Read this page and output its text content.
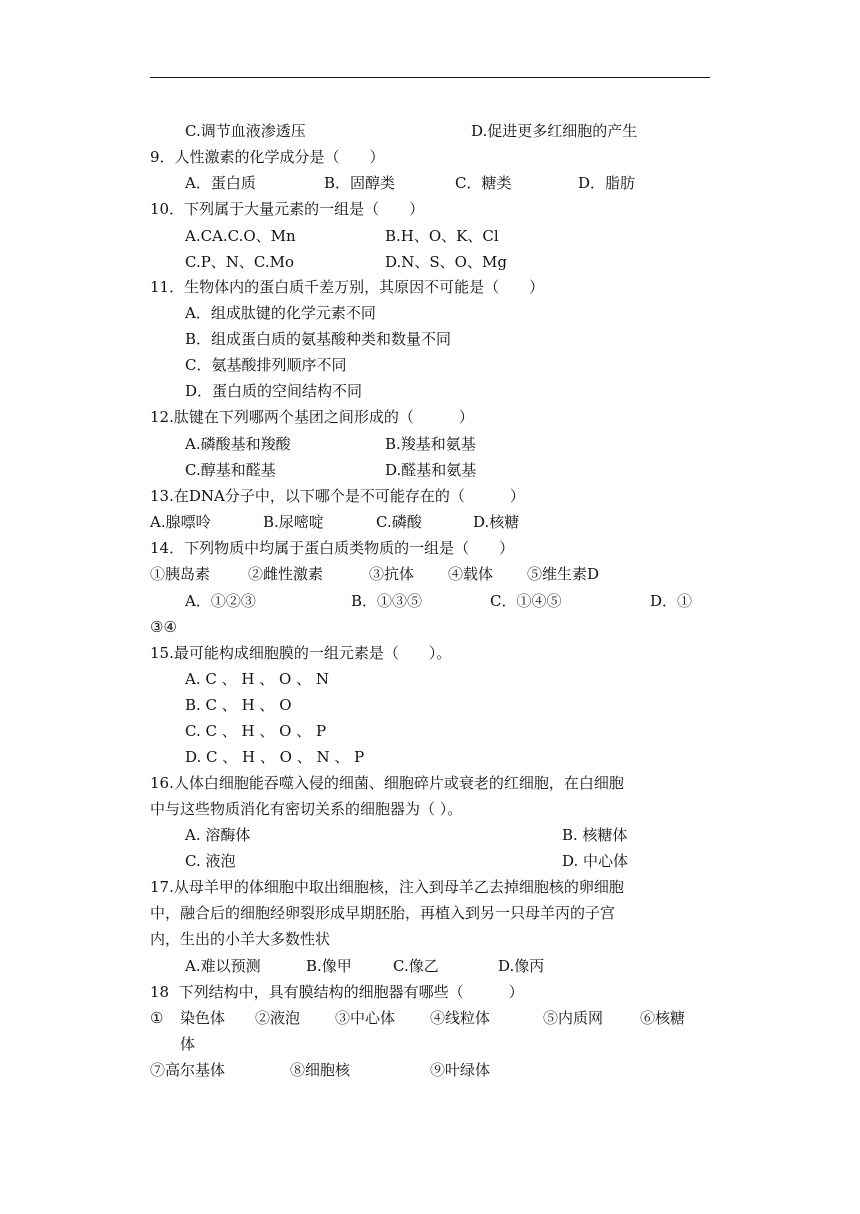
C.调节血液渗透压	D.促进更多红细胞的产生
9．人性激素的化学成分是（　　）
A．蛋白质	B．固醇类	C．糖类	D．脂肪
10．下列属于大量元素的一组是（　　）
A.CA.C.O、Mn	B.H、O、K、Cl
C.P、N、C.Mo	D.N、S、O、Mg
11．生物体内的蛋白质千差万别，其原因不可能是（　　）
A．组成肽键的化学元素不同
B．组成蛋白质的氨基酸种类和数量不同
C．氨基酸排列顺序不同
D．蛋白质的空间结构不同
12.肽键在下列哪两个基团之间形成的（　　　）
A.磷酸基和羧酸	B.羧基和氨基
C.醇基和醛基	D.醛基和氨基
13.在DNA分子中，以下哪个是不可能存在的（　　　）
A.腺嘌呤	B.尿嘧啶	C.磷酸	D.核糖
14．下列物质中均属于蛋白质类物质的一组是（　　）
①胰岛素	②雌性激素	③抗体 ④载体 ⑤维生素D
A．①②③	B．①③⑤	C．①④⑤	D．①
③④
15.最可能构成细胞膜的一组元素是（　　）。
A. C 、 H 、 O 、 N
B. C 、 H 、 O
C. C 、 H 、 O 、 P
D. C 、 H 、 O 、 N 、 P
16.人体白细胞能吞噬入侵的细菌、细胞碎片或衰老的红细胞，在白细胞
中与这些物质消化有密切关系的细胞器为（ ）。
A. 溶酶体	B. 核糖体
C. 液泡	D. 中心体
17.从母羊甲的体细胞中取出细胞核，注入到母羊乙去掉细胞核的卵细胞
中，融合后的细胞经卵裂形成早期胚胎，再植入到另一只母羊丙的子宫
内，生出的小羊大多数性状
A.难以预测	B.像甲	C.像乙	D.像丙
18  下列结构中，具有膜结构的细胞器有哪些（　　　）
① 染色体 ②液泡 ③中心体 ④线粒体	⑤内质网 ⑥核糖
体
⑦高尔基体	⑧细胞核	⑨叶绿体
